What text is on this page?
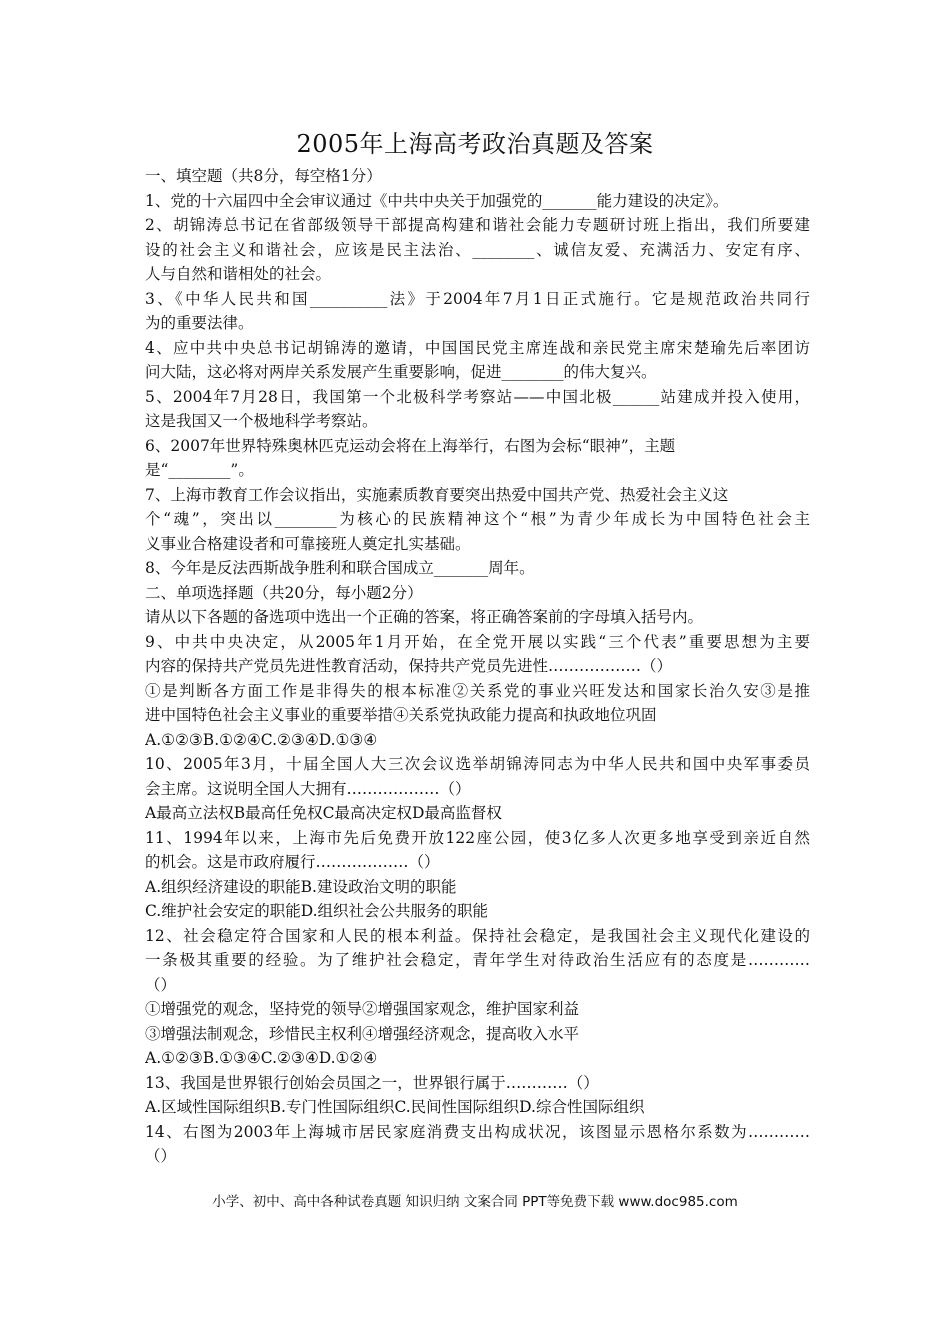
2005年上海高考政治真题及答案
一、填空题（共8分，每空格1分）
1、党的十六届四中全会审议通过《中共中央关于加强党的_______能力建设的决定》。
2、胡锦涛总书记在省部级领导干部提高构建和谐社会能力专题研讨班上指出，我们所要建
设的社会主义和谐社会，应该是民主法治、________、诚信友爱、充满活力、安定有序、
人与自然和谐相处的社会。
3、《中华人民共和国__________法》于2004年7月1日正式施行。它是规范政治共同行
为的重要法律。
4、应中共中央总书记胡锦涛的邀请，中国国民党主席连战和亲民党主席宋楚瑜先后率团访
问大陆，这必将对两岸关系发展产生重要影响，促进________的伟大复兴。
5、2004年7月28日，我国第一个北极科学考察站——中国北极______站建成并投入使用，
这是我国又一个极地科学考察站。
6、2007年世界特殊奥林匹克运动会将在上海举行，右图为会标“眼神”，主题
是“________”。
7、上海市教育工作会议指出，实施素质教育要突出热爱中国共产党、热爱社会主义这
个“魂”，突出以________为核心的民族精神这个“根”为青少年成长为中国特色社会主
义事业合格建设者和可靠接班人奠定扎实基础。
8、今年是反法西斯战争胜利和联合国成立_______周年。
二、单项选择题（共20分，每小题2分）
请从以下各题的备选项中选出一个正确的答案，将正确答案前的字母填入括号内。
9、中共中央决定，从2005年1月开始，在全党开展以实践“三个代表”重要思想为主要
内容的保持共产党员先进性教育活动，保持共产党员先进性………………（）
①是判断各方面工作是非得失的根本标准②关系党的事业兴旺发达和国家长治久安③是推
进中国特色社会主义事业的重要举措④关系党执政能力提高和执政地位巩固
A.①②③B.①②④C.②③④D.①③④
10、2005年3月，十届全国人大三次会议选举胡锦涛同志为中华人民共和国中央军事委员
会主席。这说明全国人大拥有………………（）
A最高立法权B最高任免权C最高决定权D最高监督权
11、1994年以来，上海市先后免费开放122座公园，使3亿多人次更多地享受到亲近自然
的机会。这是市政府履行………………（）
A.组织经济建设的职能B.建设政治文明的职能
C.维护社会安定的职能D.组织社会公共服务的职能
12、社会稳定符合国家和人民的根本利益。保持社会稳定，是我国社会主义现代化建设的
一条极其重要的经验。为了维护社会稳定，青年学生对待政治生活应有的态度是…………
（）
①增强党的观念，坚持党的领导②增强国家观念，维护国家利益
③增强法制观念，珍惜民主权利④增强经济观念，提高收入水平
A.①②③B.①③④C.②③④D.①②④
13、我国是世界银行创始会员国之一，世界银行属于…………（）
A.区域性国际组织B.专门性国际组织C.民间性国际组织D.综合性国际组织
14、右图为2003年上海城市居民家庭消费支出构成状况，该图显示恩格尔系数为…………
（）
小学、初中、高中各种试卷真题 知识归纳 文案合同 PPT等免费下载 www.doc985.com
